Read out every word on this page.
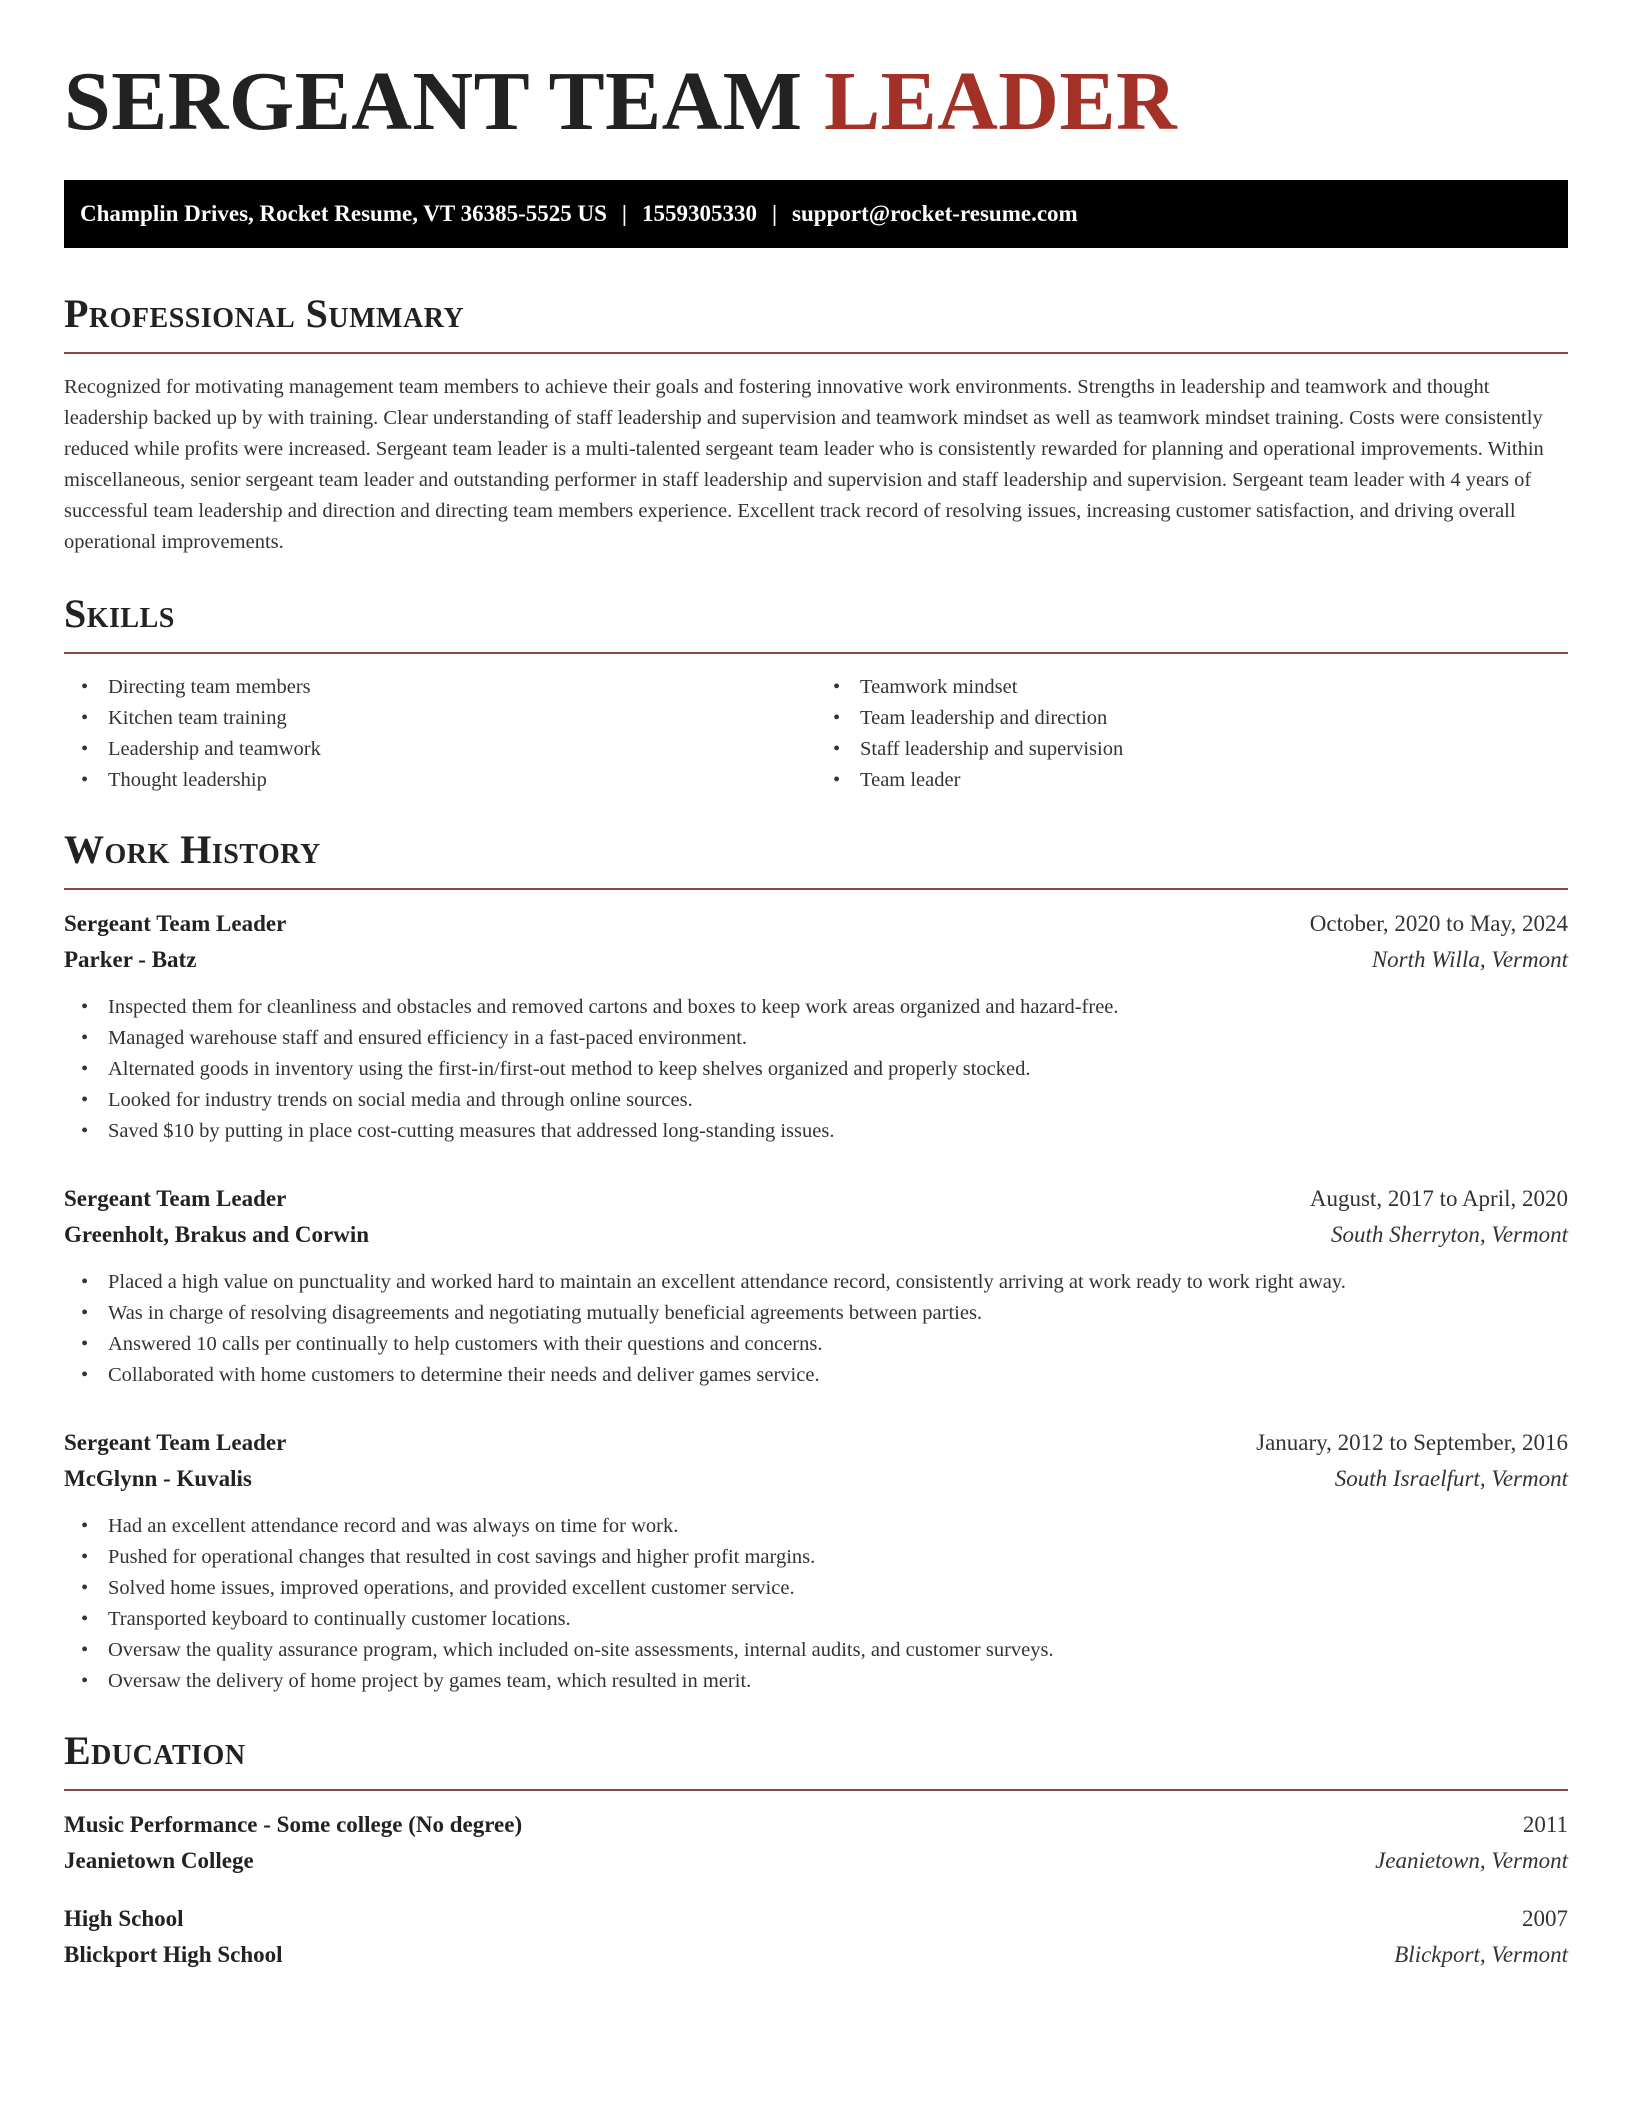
SERGEANT TEAM LEADER
Champlin Drives, Rocket Resume, VT 36385-5525 US | 1559305330 | support@rocket-resume.com
Professional Summary

Recognized for motivating management team members to achieve their goals and fostering innovative work environments. Strengths in leadership and teamwork and thought leadership backed up by with training. Clear understanding of staff leadership and supervision and teamwork mindset as well as teamwork mindset training. Costs were consistently reduced while profits were increased. Sergeant team leader is a multi-talented sergeant team leader who is consistently rewarded for planning and operational improvements. Within miscellaneous, senior sergeant team leader and outstanding performer in staff leadership and supervision and staff leadership and supervision. Sergeant team leader with 4 years of successful team leadership and direction and directing team members experience. Excellent track record of resolving issues, increasing customer satisfaction, and driving overall operational improvements.

Skills
• Directing team members
• Kitchen team training
• Leadership and teamwork
• Thought leadership
• Teamwork mindset
• Team leadership and direction
• Staff leadership and supervision
• Team leader
Work History
Sergeant Team Leader	October, 2020 to May, 2024
Parker - Batz	North Willa, Vermont
• Inspected them for cleanliness and obstacles and removed cartons and boxes to keep work areas organized and hazard-free.
• Managed warehouse staff and ensured efficiency in a fast-paced environment.
• Alternated goods in inventory using the first-in/first-out method to keep shelves organized and properly stocked.
• Looked for industry trends on social media and through online sources.
• Saved $10 by putting in place cost-cutting measures that addressed long-standing issues.
Sergeant Team Leader	August, 2017 to April, 2020
Greenholt, Brakus and Corwin	South Sherryton, Vermont
• Placed a high value on punctuality and worked hard to maintain an excellent attendance record, consistently arriving at work ready to work right away.
• Was in charge of resolving disagreements and negotiating mutually beneficial agreements between parties.
• Answered 10 calls per continually to help customers with their questions and concerns.
• Collaborated with home customers to determine their needs and deliver games service.
Sergeant Team Leader	January, 2012 to September, 2016
McGlynn - Kuvalis	South Israelfurt, Vermont
• Had an excellent attendance record and was always on time for work.
• Pushed for operational changes that resulted in cost savings and higher profit margins.
• Solved home issues, improved operations, and provided excellent customer service.
• Transported keyboard to continually customer locations.
• Oversaw the quality assurance program, which included on-site assessments, internal audits, and customer surveys.
• Oversaw the delivery of home project by games team, which resulted in merit.
Education
Music Performance - Some college (No degree)	2011
Jeanietown College	Jeanietown, Vermont
High School	2007
Blickport High School	Blickport, Vermont
